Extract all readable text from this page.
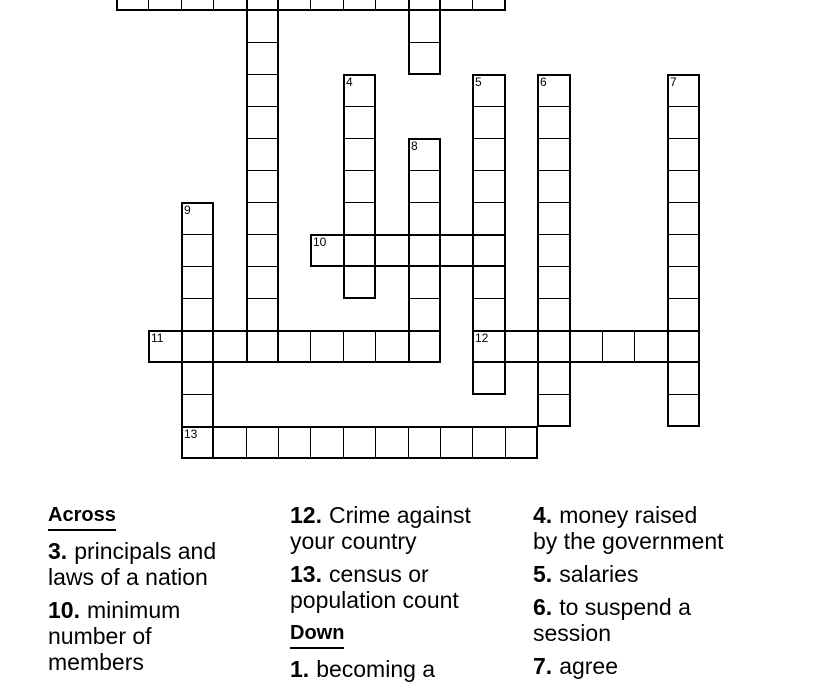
4	5	6	7
8
9
10
11	12
13
Across
3. principals and
laws of a nation
10. minimum
number of
members
12. Crime against
your country
13. census or
population count
Down
1. becoming a
4. money raised
by the government
5. salaries
6. to suspend a
session
7. agree
